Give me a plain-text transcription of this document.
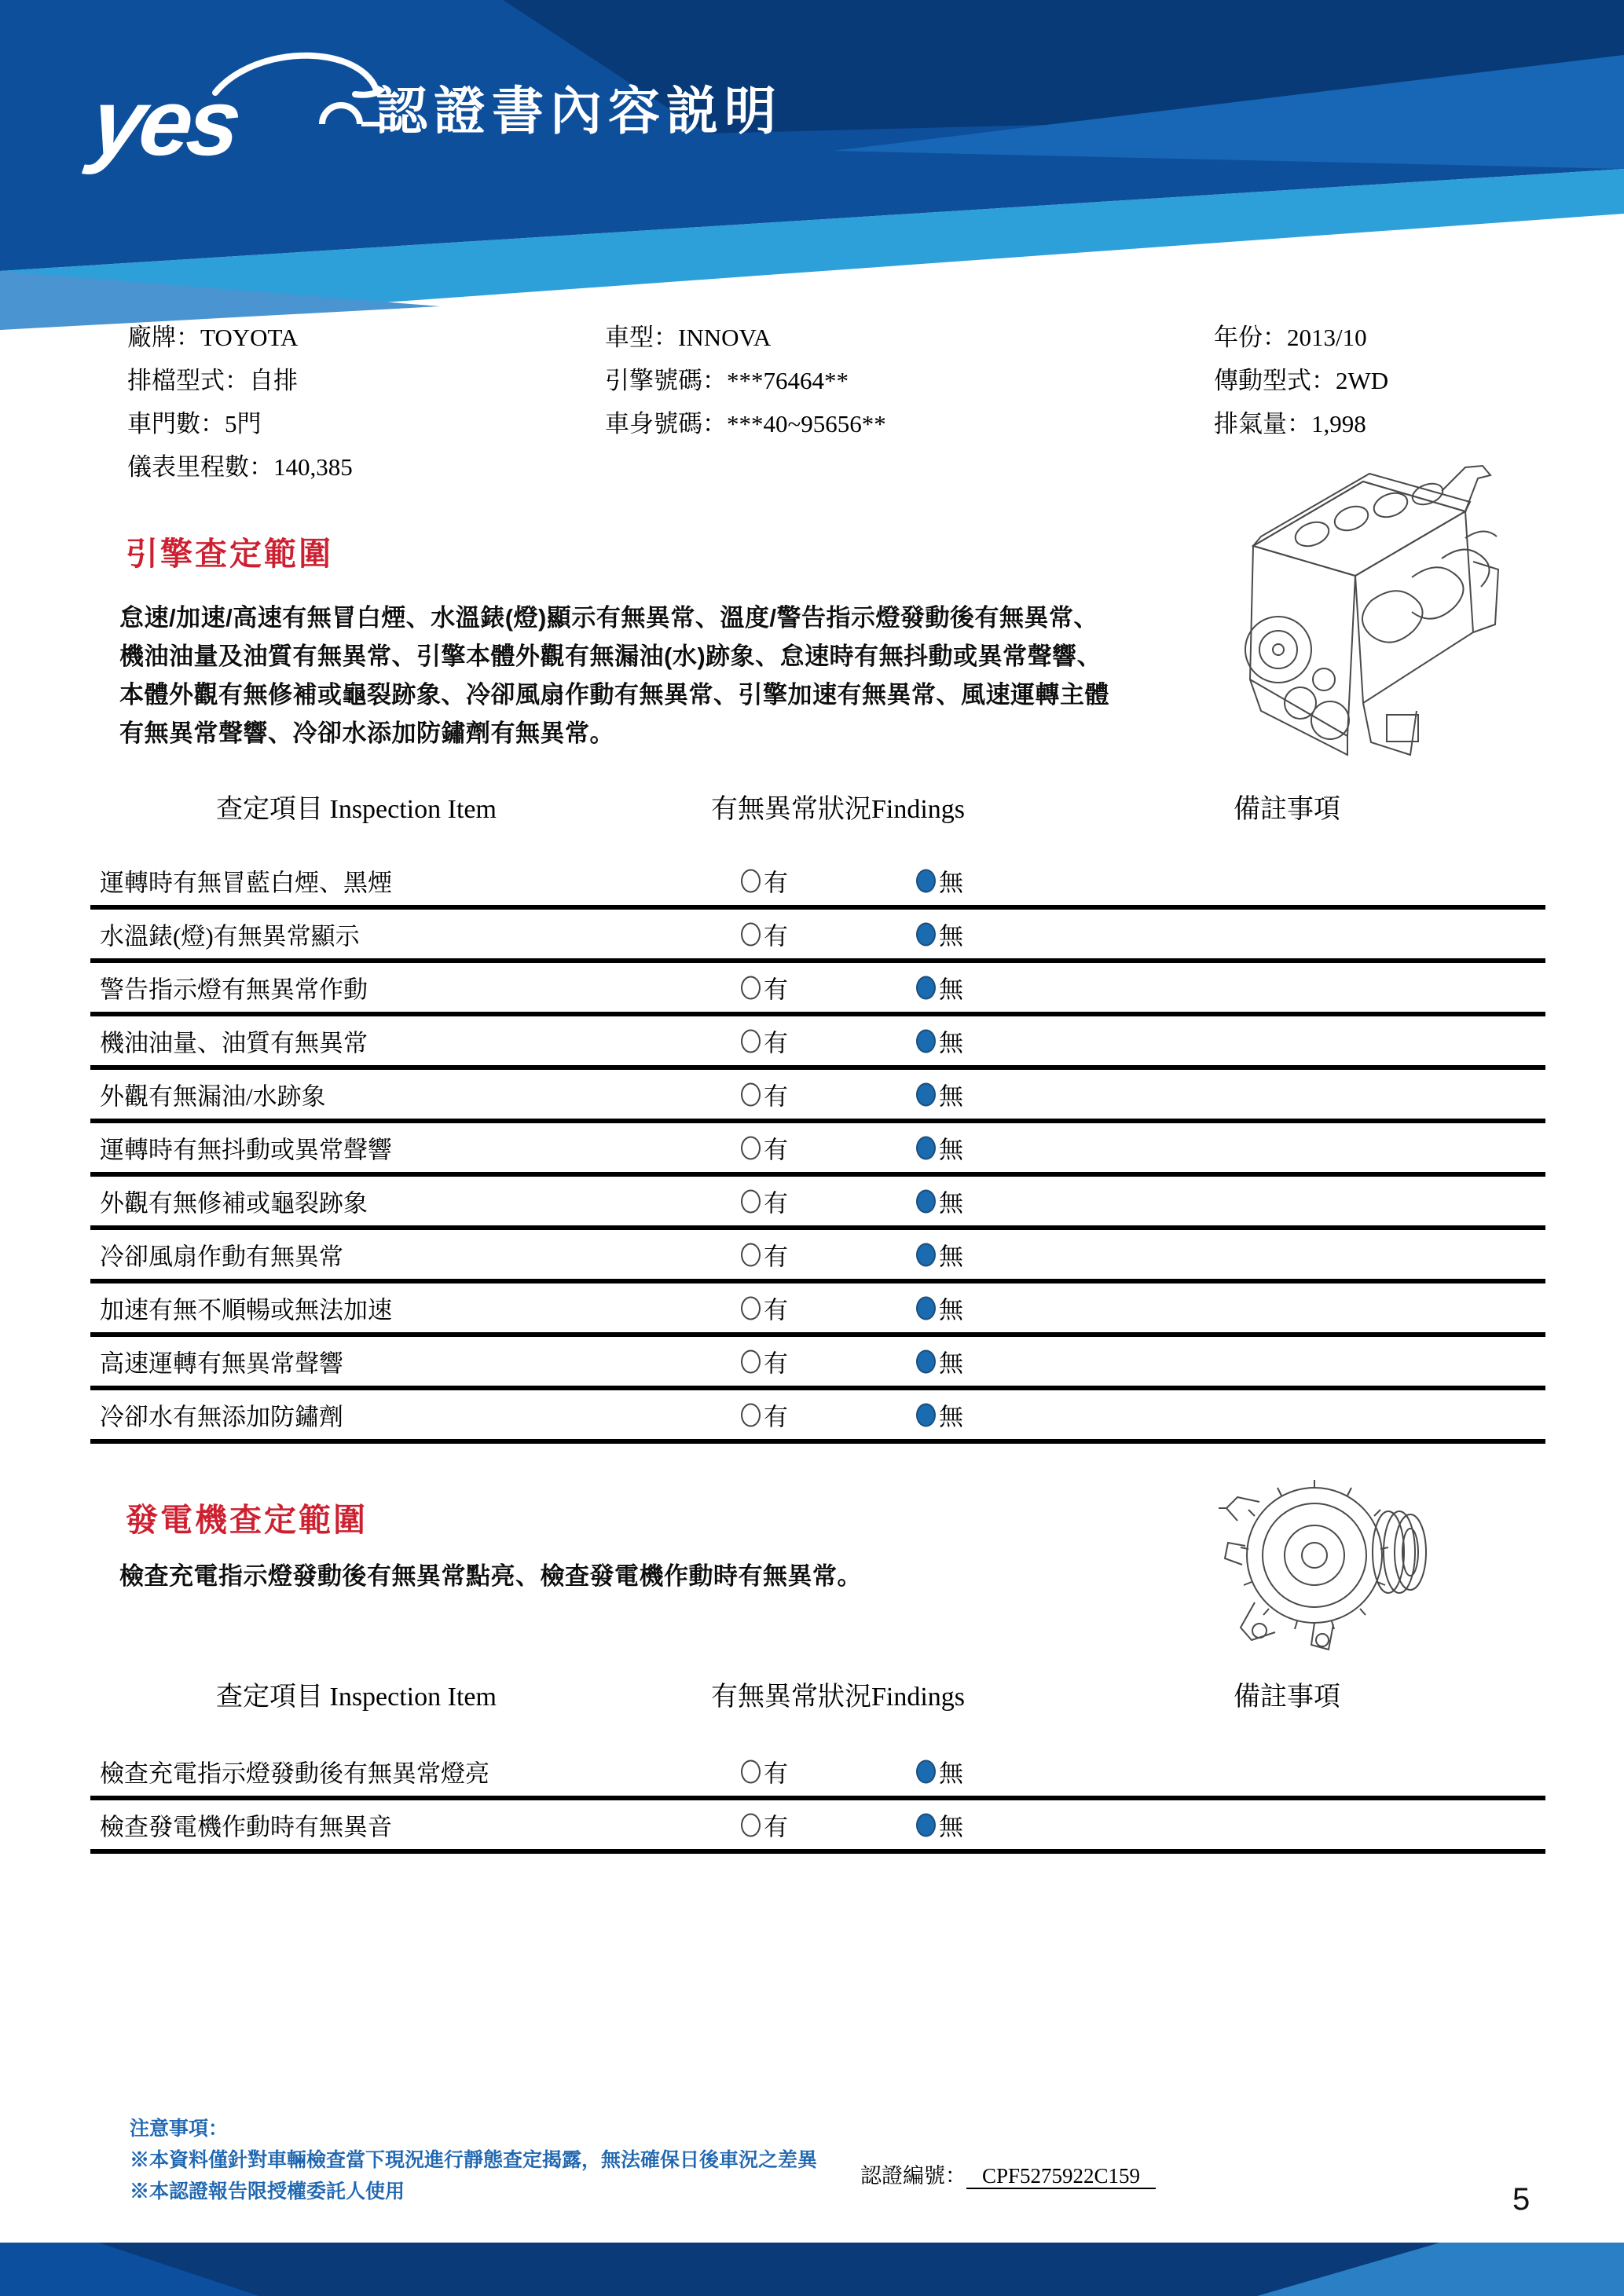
yes	認證書內容説明
廠牌：TOYOTA
排檔型式：自排
車門數：5門
儀表里程數：140,385
車型：INNOVA
引擎號碼：***76464**
車身號碼：***40~95656**
年份：2013/10
傳動型式：2WD
排氣量：1,998
引擎查定範圍
怠速/加速/高速有無冒白煙、水溫錶(燈)顯示有無異常、溫度/警告指示燈發動後有無異常、
機油油量及油質有無異常、引擎本體外觀有無漏油(水)跡象、怠速時有無抖動或異常聲響、
本體外觀有無修補或龜裂跡象、冷卻風扇作動有無異常、引擎加速有無異常、風速運轉主體
有無異常聲響、冷卻水添加防鏽劑有無異常。
查定項目 Inspection Item	有無異常狀況Findings	備註事項
運轉時有無冒藍白煙、黑煙	有	無
水溫錶(燈)有無異常顯示	有	無
警告指示燈有無異常作動	有	無
機油油量、油質有無異常	有	無
外觀有無漏油/水跡象	有	無
運轉時有無抖動或異常聲響	有	無
外觀有無修補或龜裂跡象	有	無
冷卻風扇作動有無異常	有	無
加速有無不順暢或無法加速	有	無
高速運轉有無異常聲響	有	無
冷卻水有無添加防鏽劑	有	無
發電機查定範圍
檢查充電指示燈發動後有無異常點亮、檢查發電機作動時有無異常。
查定項目 Inspection Item	有無異常狀況Findings	備註事項
檢查充電指示燈發動後有無異常燈亮	有	無
檢查發電機作動時有無異音	有	無
注意事項：
※本資料僅針對車輛檢查當下現況進行靜態查定揭露，無法確保日後車況之差異
※本認證報告限授權委託人使用
認證編號： CPF5275922C159
5
